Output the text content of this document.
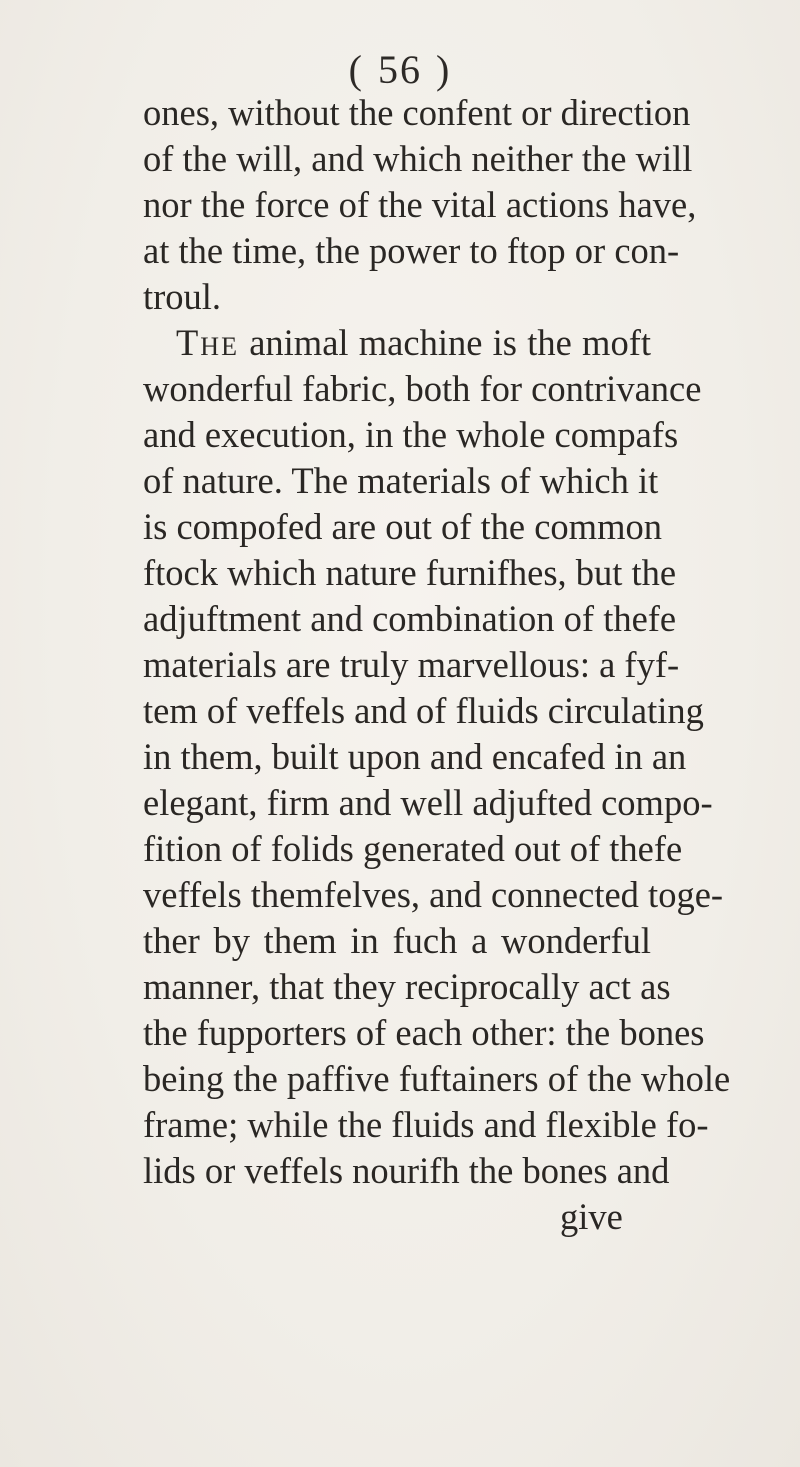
( 56 )
ones, without the confent or direction
of the will, and which neither the will
nor the force of the vital actions have,
at the time, the power to ftop or con-
troul.
The animal machine is the moft
wonderful fabric, both for contrivance
and execution, in the whole compafs
of nature. The materials of which it
is compofed are out of the common
ftock which nature furnifhes, but the
adjuftment and combination of thefe
materials are truly marvellous: a fyf-
tem of veffels and of fluids circulating
in them, built upon and encafed in an
elegant, firm and well adjufted compo-
fition of folids generated out of thefe
veffels themfelves, and connected toge-
ther by them in fuch a wonderful
manner, that they reciprocally act as
the fupporters of each other: the bones
being the paffive fuftainers of the whole
frame; while the fluids and flexible fo-
lids or veffels nourifh the bones and
give
